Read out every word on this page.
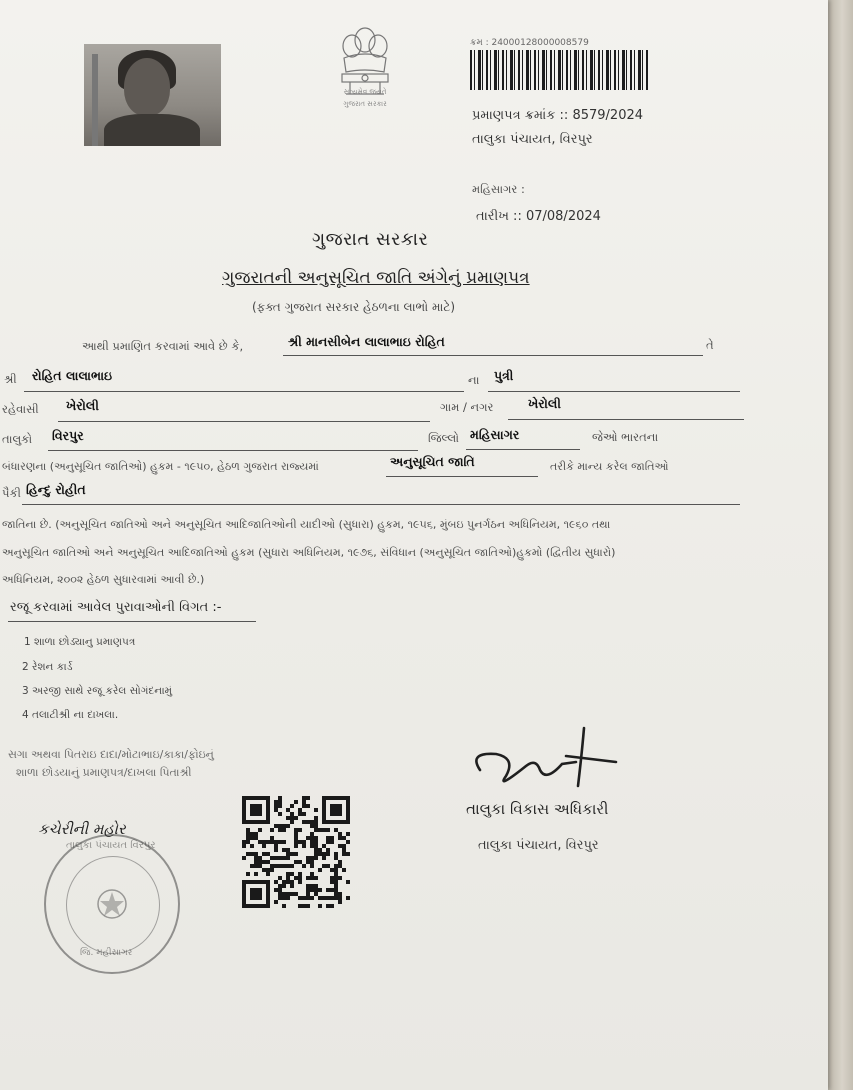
સત્યમેવ જયતે
ગુજરાત સરકાર
ક્રમ : 24000128000008579
પ્રમાણપત્ર ક્રમાંક :: 8579/2024
તાલુકા પંચાયત, વિરપુર
મહિસાગર :
તારીખ :: 07/08/2024
ગુજરાત સરકાર
ગુજરાતની અનુસૂચિત જાતિ અંગેનું પ્રમાણપત્ર
(ફક્ત ગુજરાત સરકાર હેઠળના લાભો માટે)
આથી પ્રમાણિત કરવામાં આવે છે કે,	શ્રી માનસીબેન લાલાભાઇ રોહિત	તે
શ્રી રોહિત લાલાભાઇ	ના પુત્રી
રહેવાસી ખેરોલી	ગામ / નગર	ખેરોલી
તાલુકો વિરપુર	જિલ્લો મહિસાગર	જેઓ ભારતના
બંધારણના (અનુસૂચિત જાતિઓ) હુકમ - ૧૯૫૦, હેઠળ ગુજરાત રાજ્યમાં	અનુસૂચિત જાતિ	તરીકે માન્ય કરેલ જાતિઓ
પૈકી હિન્દુ રોહીત
જાતિના છે. (અનુસૂચિત જાતિઓ અને અનુસૂચિત આદિજાતિઓની યાદીઓ (સુધારા) હુકમ, ૧૯૫૬, મુંબઇ પુનર્ગઠન અધિનિયમ, ૧૯૬૦ તથા
અનુસૂચિત જાતિઓ અને અનુસૂચિત આદિજાતિઓ હુકમ (સુધારા અધિનિયમ, ૧૯૭૬, સંવિધાન (અનુસૂચિત જાતિઓ)હુકમો (દ્વિતીય સુધારો)
અધિનિયમ, ૨૦૦૨ હેઠળ સુધારવામાં આવી છે.)
રજૂ કરવામાં આવેલ પુરાવાઓની વિગત :-
1 શાળા છોડ્યાનુ પ્રમાણપત્ર
2 રેશન કાર્ડ
3 અરજી સાથે રજૂ કરેલ સોગંદનામું
4 તલાટીશ્રી ના દાખલા.
સગા અથવા પિતરાઇ દાદા/મોટાભાઇ/કાકા/ફોઇનું
શાળા છોડયાનું પ્રમાણપત્ર/દાખલા પિતાશ્રી
તાલુકા વિકાસ અધિકારી
તાલુકા પંચાયત, વિરપુર
કચેરીની મહોર
તાલુકા પંચાયત વિરપુર
જિ. મહીસાગર
